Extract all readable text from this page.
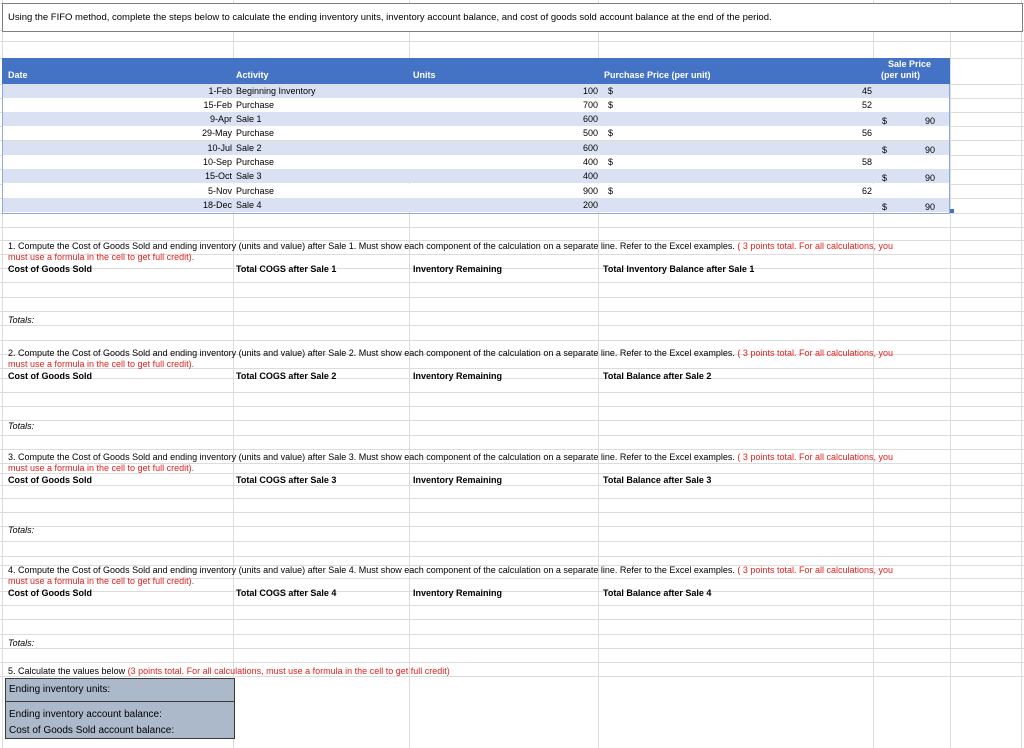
Using the FIFO method, complete the steps below to calculate the ending inventory units, inventory account balance, and cost of goods sold account balance at the end of the period.
Date	Activity	Units	Purchase Price (per unit)
Sale Price
(per unit)
1-Feb Beginning Inventory	100 $	45
15-Feb Purchase	700 $	52
9-Apr Sale 1	600	$	90
29-May Purchase	500 $	56
10-Jul Sale 2	600	$	90
10-Sep Purchase	400 $	58
15-Oct Sale 3	400	$	90
5-Nov Purchase	900 $	62
18-Dec Sale 4	200	$	90
1. Compute the Cost of Goods Sold and ending inventory (units and value) after Sale 1. Must show each component of the calculation on a separate line. Refer to the Excel examples. ( 3 points total. For all calculations, you
must use a formula in the cell to get full credit).
Cost of Goods Sold	Total COGS after Sale 1	Inventory Remaining	Total Inventory Balance after Sale 1
Totals:
2. Compute the Cost of Goods Sold and ending inventory (units and value) after Sale 2. Must show each component of the calculation on a separate line. Refer to the Excel examples. ( 3 points total. For all calculations, you
must use a formula in the cell to get full credit).
Cost of Goods Sold	Total COGS after Sale 2	Inventory Remaining	Total Balance after Sale 2
Totals:
3. Compute the Cost of Goods Sold and ending inventory (units and value) after Sale 3. Must show each component of the calculation on a separate line. Refer to the Excel examples. ( 3 points total. For all calculations, you
must use a formula in the cell to get full credit).
Cost of Goods Sold	Total COGS after Sale 3	Inventory Remaining	Total Balance after Sale 3
Totals:
4. Compute the Cost of Goods Sold and ending inventory (units and value) after Sale 4. Must show each component of the calculation on a separate line. Refer to the Excel examples. ( 3 points total. For all calculations, you
must use a formula in the cell to get full credit).
Cost of Goods Sold	Total COGS after Sale 4	Inventory Remaining	Total Balance after Sale 4
Totals:
5. Calculate the values below (3 points total. For all calculations, must use a formula in the cell to get full credit)
Ending inventory units:
Ending inventory account balance:
Cost of Goods Sold account balance:
